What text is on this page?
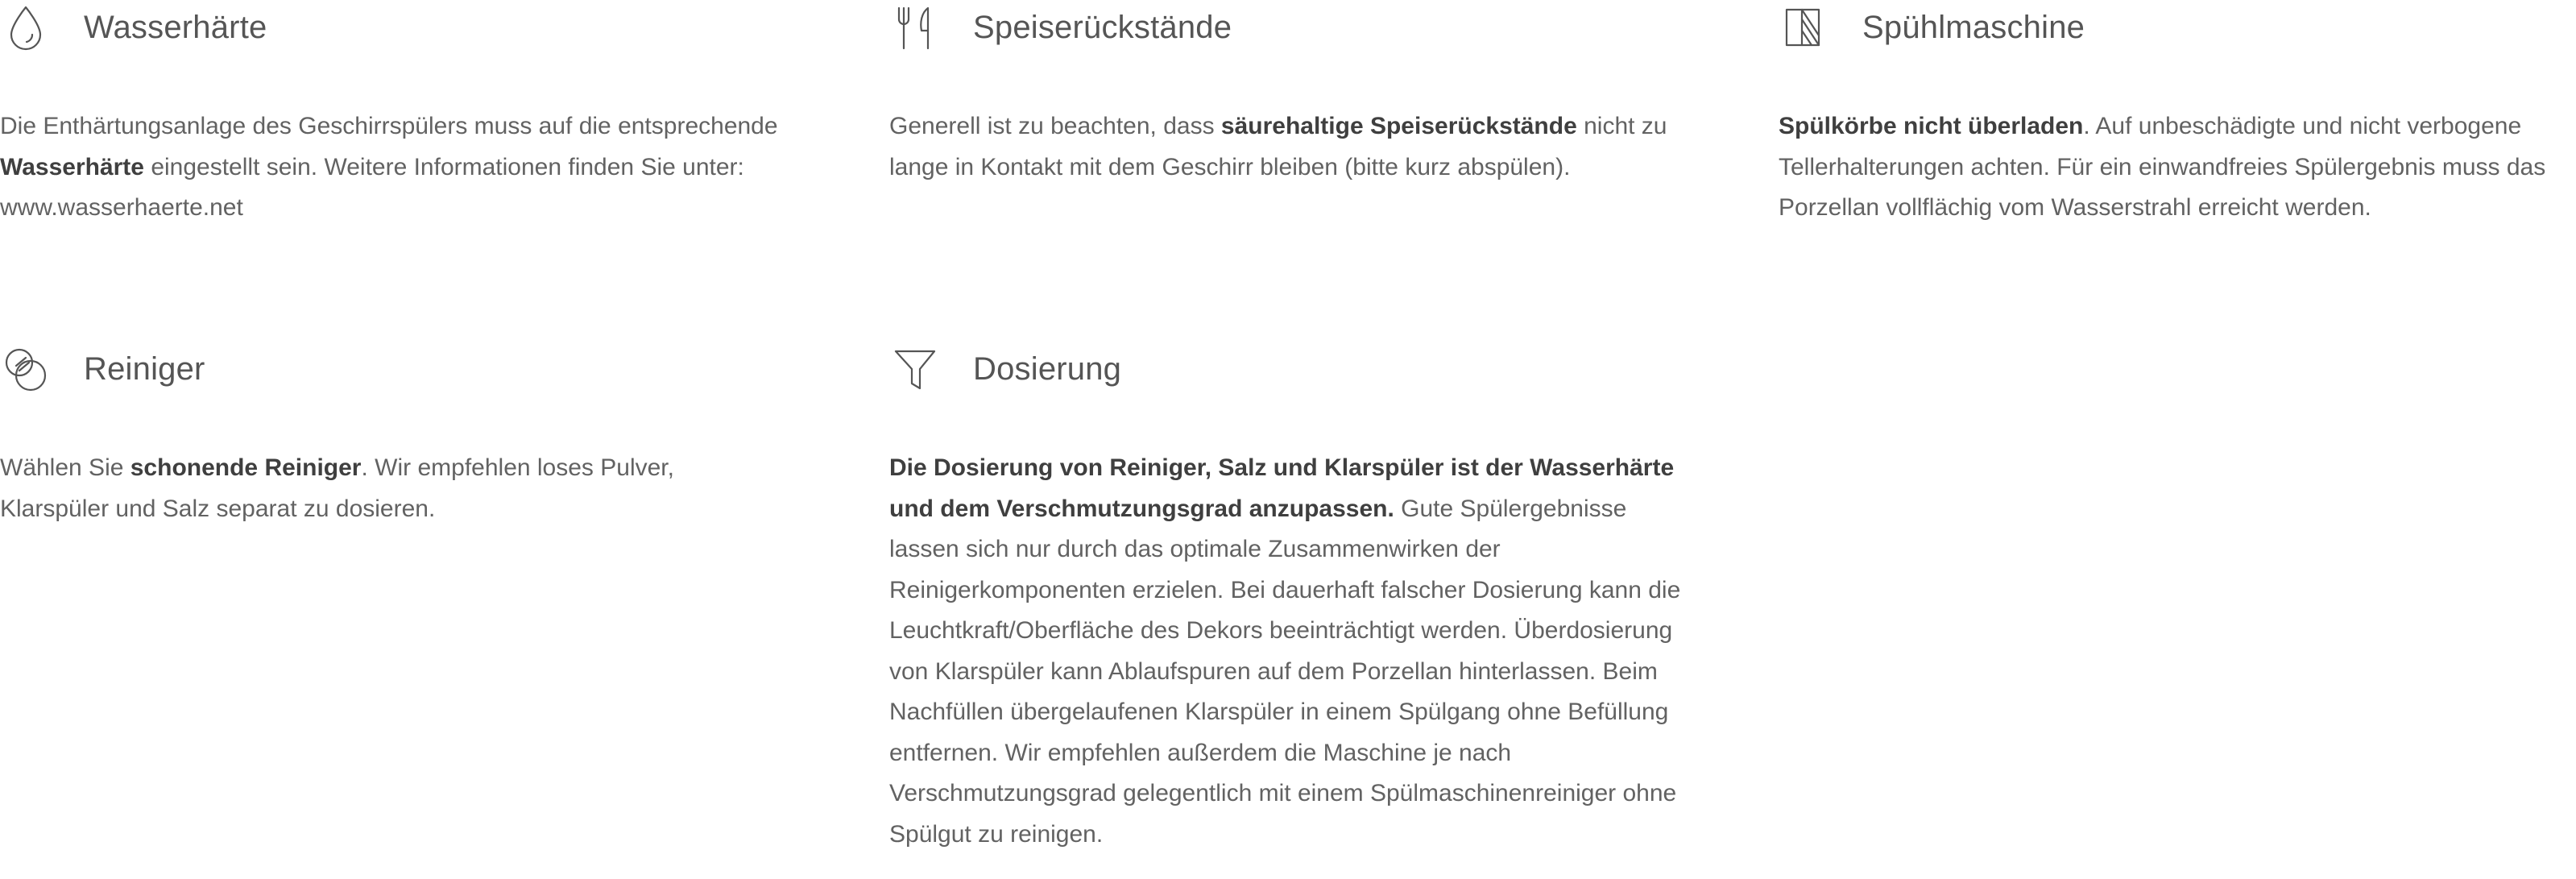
Wasserhärte

Die Enthärtungsanlage des Geschirrspülers muss auf die entsprechende Wasserhärte eingestellt sein. Weitere Informationen finden Sie unter: www.wasserhaerte.net

Speiserückstände

Generell ist zu beachten, dass säurehaltige Speiserückstände nicht zu lange in Kontakt mit dem Geschirr bleiben (bitte kurz abspülen).

Spühlmaschine

Spülkörbe nicht überladen. Auf unbeschädigte und nicht verbogene Tellerhalterungen achten. Für ein einwandfreies Spülergebnis muss das Porzellan vollflächig vom Wasserstrahl erreicht werden.

Reiniger

Wählen Sie schonende Reiniger. Wir empfehlen loses Pulver, Klarspüler und Salz separat zu dosieren.

Dosierung

Die Dosierung von Reiniger, Salz und Klarspüler ist der Wasserhärte und dem Verschmutzungsgrad anzupassen. Gute Spülergebnisse lassen sich nur durch das optimale Zusammenwirken der Reinigerkomponenten erzielen. Bei dauerhaft falscher Dosierung kann die Leuchtkraft/Oberfläche des Dekors beeinträchtigt werden. Überdosierung von Klarspüler kann Ablaufspuren auf dem Porzellan hinterlassen. Beim Nachfüllen übergelaufenen Klarspüler in einem Spülgang ohne Befüllung entfernen. Wir empfehlen außerdem die Maschine je nach Verschmutzungsgrad gelegentlich mit einem Spülmaschinenreiniger ohne Spülgut zu reinigen.
